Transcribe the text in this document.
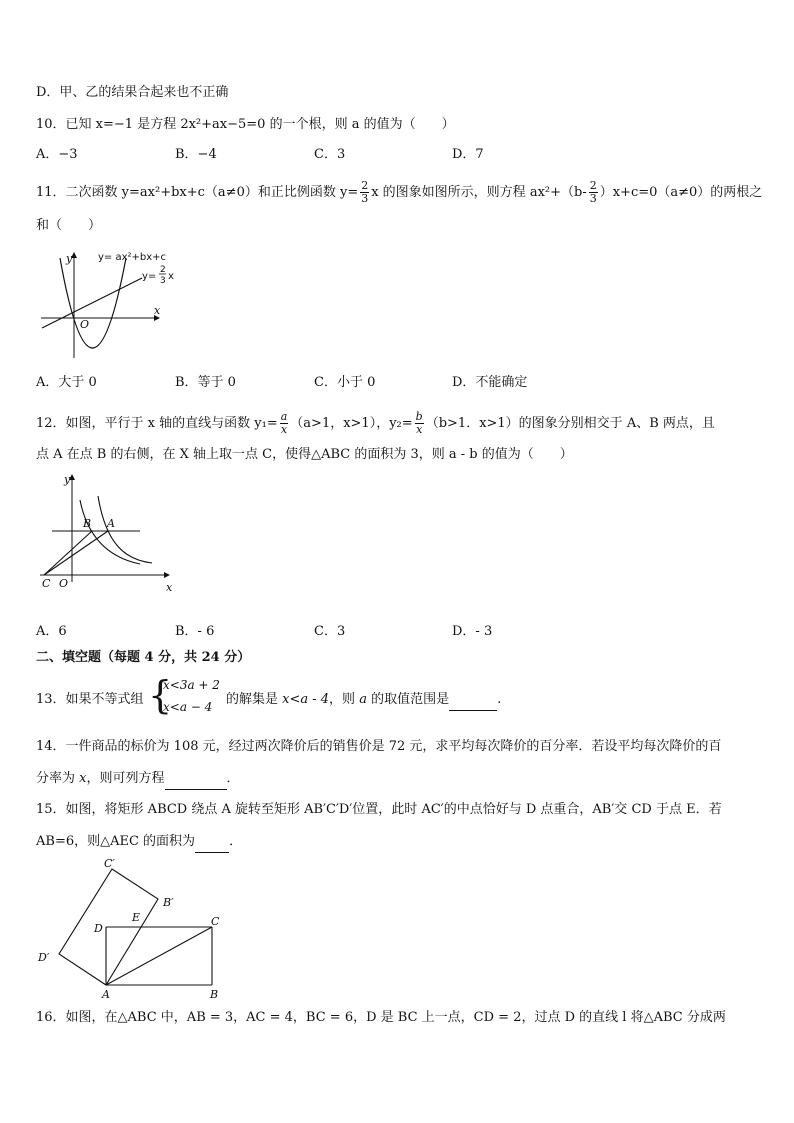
D．甲、乙的结果合起来也不正确
10．已知 x=−1 是方程 2x²+ax−5=0 的一个根，则 a 的值为（　　）
A．−3	B．−4	C．3	D．7
11．二次函数 y=ax²+bx+c（a≠0）和正比例函数 $y= \frac{2}{3}$ x 的图象如图所示，则方程 $ax^2+(b- \frac{2}{3} )x+c=0(a\ne 0)$的两根之
和（　　）
y
x
O
y= ax²+bx+c
y=
2
3 x
A．大于 0	B．等于 0	C．小于 0	D．不能确定
12．如图，平行于 x 轴的直线与函数 $y_1= \frac{a}{x} (a>1$，x>1），$y_2= \frac{b}{x} (b>1$．x>1）的图象分别相交于 A、B 两点，且
点 A 在点 B 的右侧，在 X 轴上取一点 C，使得△ABC 的面积为 3，则 a - b 的值为（　　）
y
x
B A
C O
A．6	B．- 6	C．3	D．- 3
二、填空题（每题 4 分，共 24 分）
13．如果不等式组 {
x<3a + 2
x<a − 4 的解集是 x<a - 4，则 a 的取值范围是	.
14．一件商品的标价为 108 元，经过两次降价后的销售价是 72 元，求平均每次降价的百分率．若设平均每次降价的百
分率为 x，则可列方程	．
15．如图，将矩形 ABCD 绕点 A 旋转至矩形 AB′C′D′位置，此时 AC′的中点恰好与 D 点重合，AB′交 CD 于点 E．若
AB=6，则△AEC 的面积为	．
A	B
C
D
E
B′
C′
D′
16．如图，在△ABC 中，AB = 3，AC = 4，BC = 6，D 是 BC 上一点，CD = 2，过点 D 的直线 l 将△ABC 分成两
